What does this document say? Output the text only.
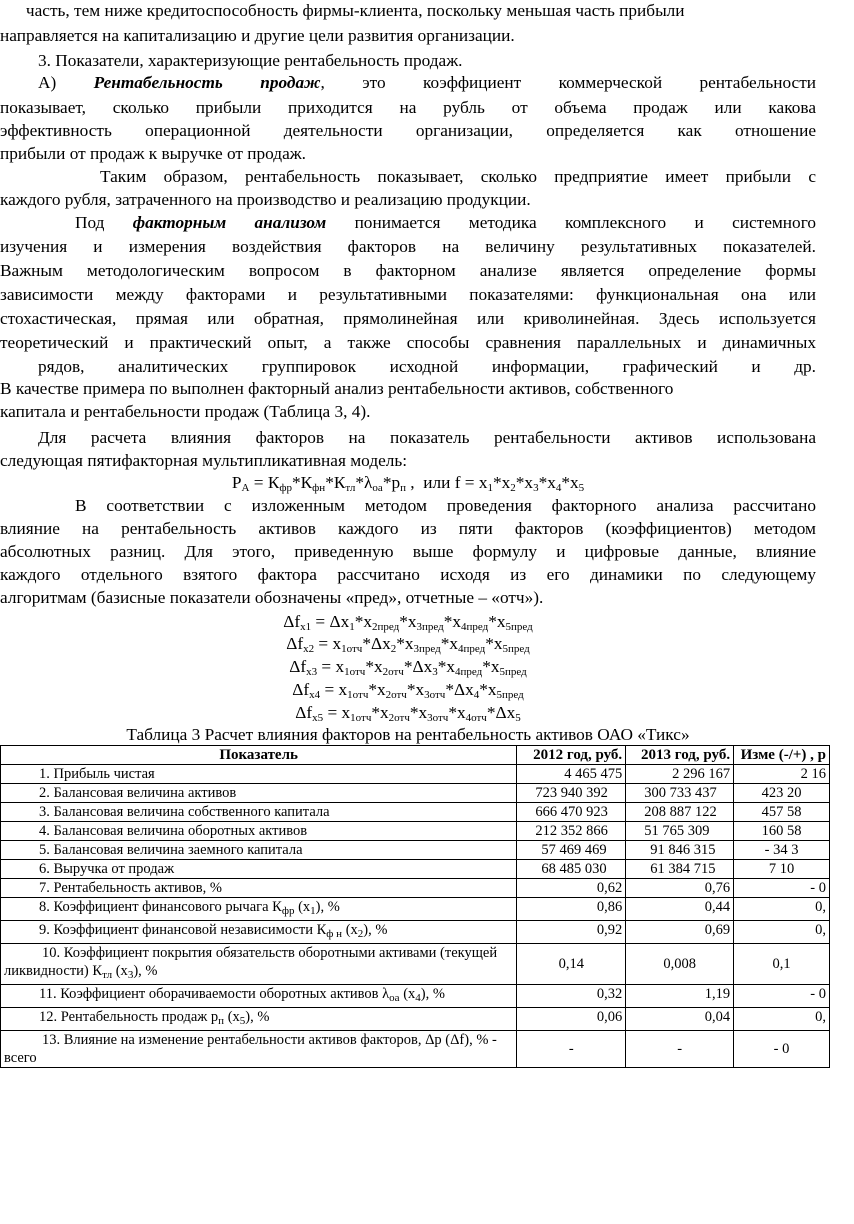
часть, тем ниже кредитоспособность фирмы-клиента, поскольку меньшая часть прибыли
направляется на капитализацию и другие цели развития организации.
3. Показатели, характеризующие рентабельность продаж.
А) Рентабельность продаж, это коэффициент коммерческой рентабельности
показывает, сколько прибыли приходится на рубль от объема продаж или какова
эффективность операционной деятельности организации, определяется как отношение
прибыли от продаж к выручке от продаж.
Таким образом, рентабельность показывает, сколько предприятие имеет прибыли с
каждого рубля, затраченного на производство и реализацию продукции.
Под факторным анализом понимается методика комплексного и системного
изучения и измерения воздействия факторов на величину результативных показателей.
Важным методологическим вопросом в факторном анализе является определение формы
зависимости между факторами и результативными показателями: функциональная она или
стохастическая, прямая или обратная, прямолинейная или криволинейная. Здесь используется
теоретический и практический опыт, а также способы сравнения параллельных и динамичных
рядов, аналитических группировок исходной информации, графический и др.
В качестве примера по выполнен факторный анализ рентабельности активов, собственного
капитала и рентабельности продаж (Таблица 3, 4).
Для расчета влияния факторов на показатель рентабельности активов использована
следующая пятифакторная мультипликативная модель:
$P_A = К_{фр}*К_{фн}*К_{тл}*\lambda_{оа}*p_п$ ,  или $f = x_1*x_2*x_3*x_4*x_5$
В соответствии с изложенным методом проведения факторного анализа рассчитано
влияние на рентабельность активов каждого из пяти факторов (коэффициентов) методом
абсолютных разниц. Для этого, приведенную выше формулу и цифровые данные, влияние
каждого отдельного взятого фактора рассчитано исходя из его динамики по следующему
алгоритмам (базисные показатели обозначены «пред», отчетные – «отч»).
$\Delta f_{x1} = \Delta x_1*x_{2пред}*x_{3пред}*x_{4пред}*x_{5пред}$
$\Delta f_{x2} = x_{1отч}*\Delta x_2*x_{3пред}*x_{4пред}*x_{5пред}$
$\Delta f_{x3} = x_{1отч}*x_{2отч}*\Delta x_3*x_{4пред}*x_{5пред}$
$\Delta f_{x4} = x_{1отч}*x_{2отч}*x_{3отч}*\Delta x_4*x_{5пред}$
$\Delta f_{x5} = x_{1отч}*x_{2отч}*x_{3отч}*x_{4отч}*\Delta x_5$
Таблица 3 Расчет влияния факторов на рентабельность активов ОАО «Тикс»
Показатель	2012 год, руб.	2013 год, руб.	Изме (-/+) , р
1. Прибыль чистая	4 465 475	2 296 167	2 16
2. Балансовая величина активов	723 940 392	300 733 437	423 20
3. Балансовая величина собственного капитала	666 470 923	208 887 122	457 58
4. Балансовая величина оборотных активов	212 352 866	51 765 309	160 58
5. Балансовая величина заемного капитала	57 469 469	91 846 315	- 34 3
6. Выручка от продаж	68 485 030	61 384 715	7 10
7. Рентабельность активов, %	0,62	0,76	- 0
8. Коэффициент финансового рычага $К_{фр}$ $(x_1)$, %	0,86	0,44	0,
9. Коэффициент финансовой независимости $К_{ф н}$ $(x_2)$, %	0,92	0,69	0,
10. Коэффициент покрытия обязательств оборотными активами (текущей ликвидности) $К_{тл}$ $(x_3)$, %	0,14	0,008	0,1
11. Коэффициент оборачиваемости оборотных активов $\lambda_{оа}$ $(x_4)$, %	0,32	1,19	- 0
12. Рентабельность продаж $p_п$ $(x_5)$, %	0,06	0,04	0,
13. Влияние на изменение рентабельности активов факторов, Δp (Δf), % - всего	-	-	- 0
